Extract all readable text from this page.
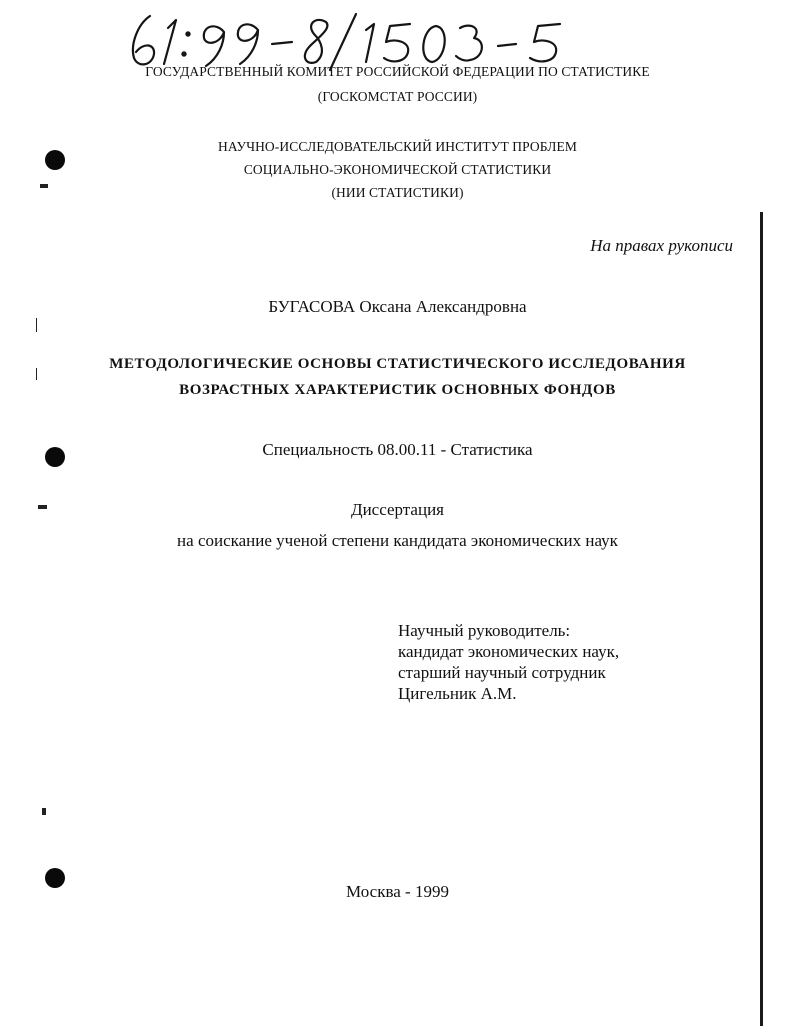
ГОСУДАРСТВЕННЫЙ КОМИТЕТ РОССИЙСКОЙ ФЕДЕРАЦИИ ПО СТАТИСТИКЕ
(ГОСКОМСТАТ РОССИИ)
НАУЧНО-ИССЛЕДОВАТЕЛЬСКИЙ ИНСТИТУТ ПРОБЛЕМ
СОЦИАЛЬНО-ЭКОНОМИЧЕСКОЙ СТАТИСТИКИ
(НИИ СТАТИСТИКИ)
На правах рукописи
БУГАСОВА Оксана Александровна
МЕТОДОЛОГИЧЕСКИЕ ОСНОВЫ СТАТИСТИЧЕСКОГО ИССЛЕДОВАНИЯ
ВОЗРАСТНЫХ ХАРАКТЕРИСТИК ОСНОВНЫХ ФОНДОВ
Специальность 08.00.11 - Статистика
Диссертация
на соискание ученой степени кандидата экономических наук
Научный руководитель:
кандидат экономических наук,
старший научный сотрудник
Цигельник А.М.
Москва - 1999
